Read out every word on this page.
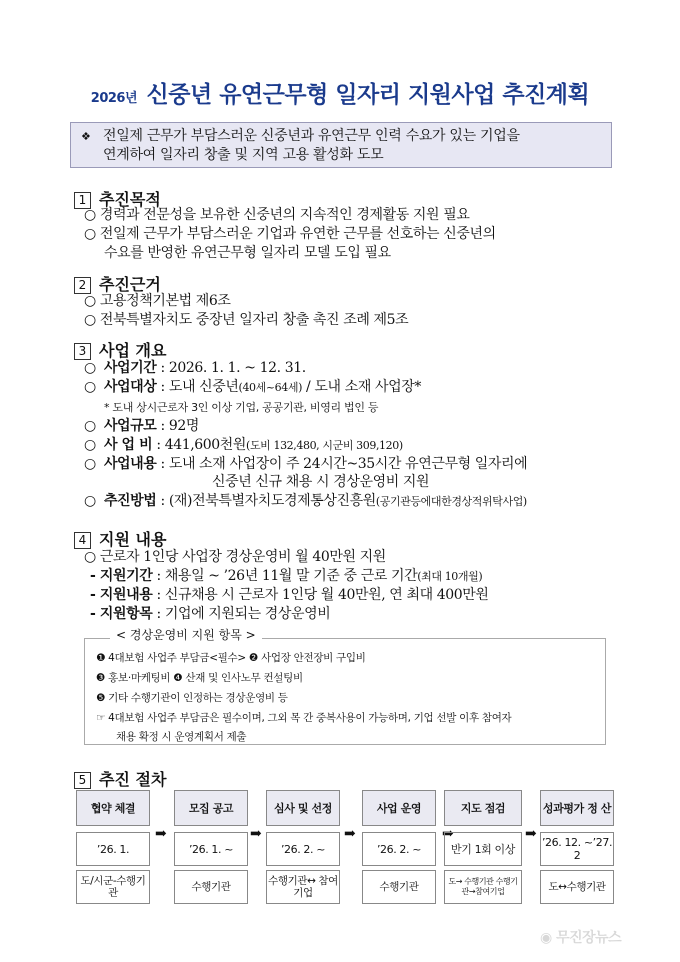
2026년 신중년 유연근무형 일자리 지원사업 추진계획
❖ 전일제 근무가 부담스러운 신중년과 유연근무 인력 수요가 있는 기업을
연계하여 일자리 창출 및 지역 고용 활성화 도모
1 추진목적
○ 경력과 전문성을 보유한 신중년의 지속적인 경제활동 지원 필요
○ 전일제 근무가 부담스러운 기업과 유연한 근무를 선호하는 신중년의
수요를 반영한 유연근무형 일자리 모델 도입 필요
2 추진근거
○ 고용정책기본법 제6조
○ 전북특별자치도 중장년 일자리 창출 촉진 조례 제5조
3 사업 개요
○ 사업기간 : 2026. 1. 1. ~ 12. 31.
○ 사업대상 : 도내 신중년(40세~64세) / 도내 소재 사업장*
* 도내 상시근로자 3인 이상 기업, 공공기관, 비영리 법인 등
○ 사업규모 : 92명
○ 사 업 비 : 441,600천원(도비 132,480, 시군비 309,120)
○ 사업내용 : 도내 소재 사업장이 주 24시간~35시간 유연근무형 일자리에
신중년 신규 채용 시 경상운영비 지원
○ 추진방법 : (재)전북특별자치도경제통상진흥원(공기관등에대한경상적위탁사업)
4 지원 내용
○ 근로자 1인당 사업장 경상운영비 월 40만원 지원
- 지원기간 : 채용일 ~ ’26년 11월 말 기준 중 근로 기간(최대 10개월)
- 지원내용 : 신규채용 시 근로자 1인당 월 40만원, 연 최대 400만원
- 지원항목 : 기업에 지원되는 경상운영비
< 경상운영비 지원 항목 >
❶ 4대보험 사업주 부담금<필수> ❷ 사업장 안전장비 구입비
❸ 홍보·마케팅비 ❹ 산재 및 인사노무 컨설팅비
❺ 기타 수행기관이 인정하는 경상운영비 등
☞ 4대보험 사업주 부담금은 필수이며, 그외 목 간 중복사용이 가능하며, 기업 선발 이후 참여자
채용 확정 시 운영계획서 제출
5 추진 절차
협약 체결
’26. 1.
도/시군-수행기관
➡
모집 공고
’26. 1. ~
수행기관
➡
심사 및 선정
’26. 2. ~
수행기관↔ 참여기업
➡
사업 운영
’26. 2. ~
수행기관
➡
지도 점검
반기 1회 이상
도→ 수행기관 수행기관→참여기업
➡
성과평가 정 산
’26. 12. ~’27. 2
도↔수행기관
◉ 무진장뉴스
